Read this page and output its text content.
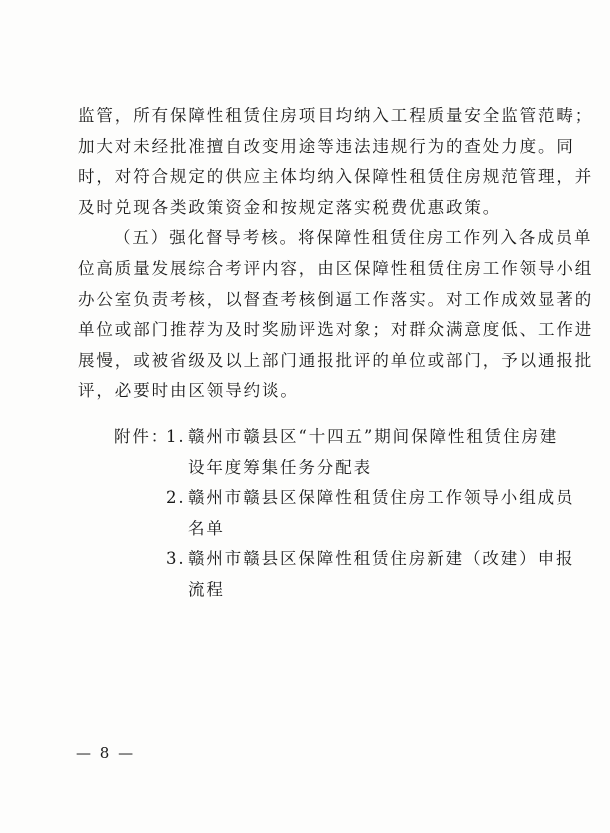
监管，所有保障性租赁住房项目均纳入工程质量安全监管范畴；
加大对未经批准擅自改变用途等违法违规行为的查处力度。同
时，对符合规定的供应主体均纳入保障性租赁住房规范管理，并
及时兑现各类政策资金和按规定落实税费优惠政策。
（五）强化督导考核。将保障性租赁住房工作列入各成员单
位高质量发展综合考评内容，由区保障性租赁住房工作领导小组
办公室负责考核，以督查考核倒逼工作落实。对工作成效显著的
单位或部门推荐为及时奖励评选对象；对群众满意度低、工作进
展慢，或被省级及以上部门通报批评的单位或部门，予以通报批
评，必要时由区领导约谈。
附件：
1. 赣州市赣县区“十四五”期间保障性租赁住房建
设年度筹集任务分配表
2. 赣州市赣县区保障性租赁住房工作领导小组成员
名单
3. 赣州市赣县区保障性租赁住房新建（改建）申报
流程
— 8 —
